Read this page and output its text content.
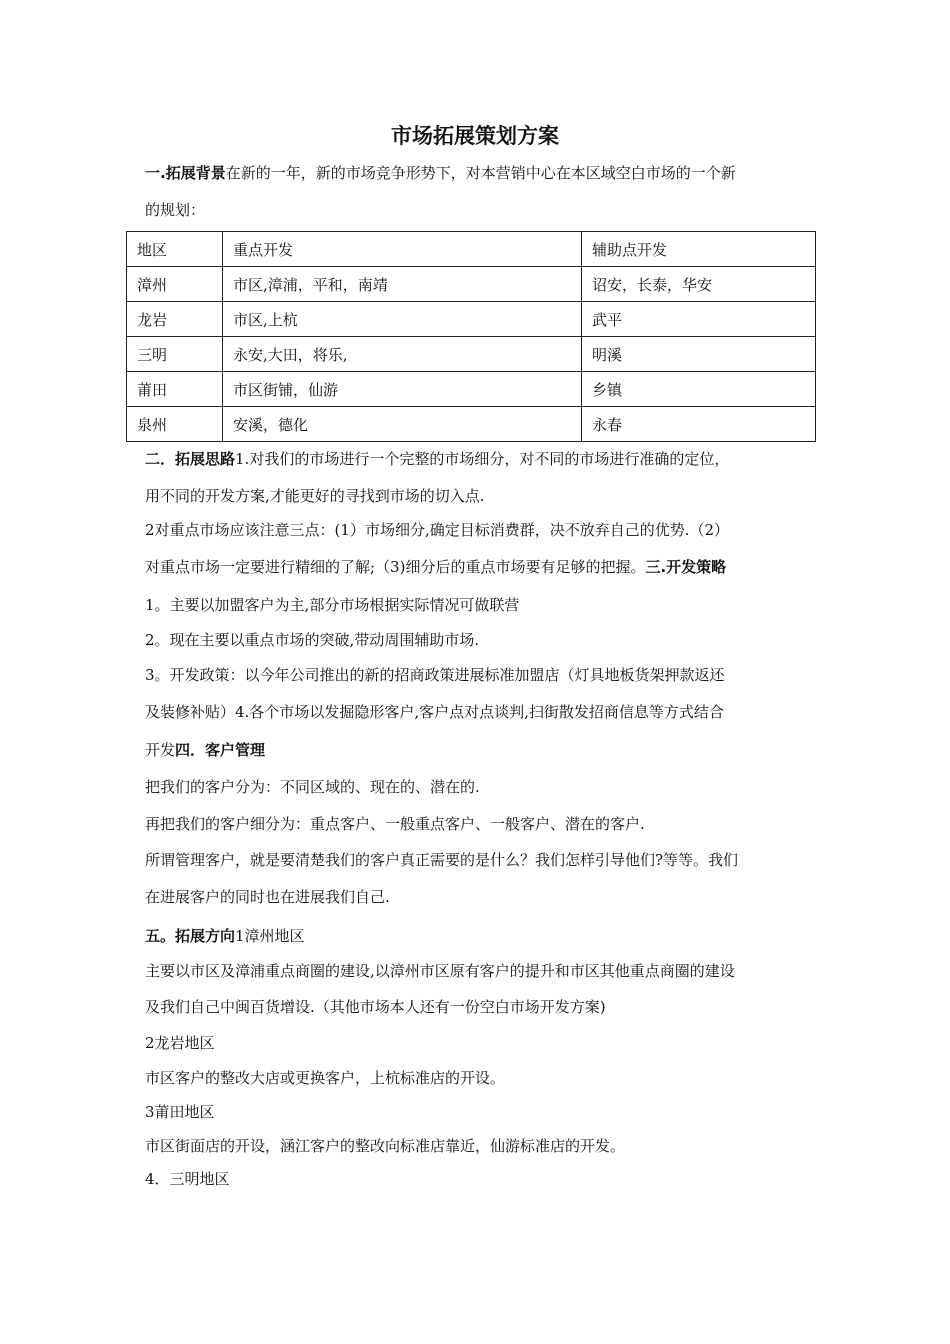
市场拓展策划方案
一.拓展背景在新的一年，新的市场竞争形势下，对本营销中心在本区域空白市场的一个新
的规划：
地区	重点开发	辅助点开发
漳州	市区,漳浦，平和，南靖	诏安，长泰，华安
龙岩	市区,上杭	武平
三明	永安,大田，将乐,	明溪
莆田	市区街铺，仙游	乡镇
泉州	安溪，德化	永春
二．拓展思路1.对我们的市场进行一个完整的市场细分，对不同的市场进行准确的定位，
用不同的开发方案,才能更好的寻找到市场的切入点.
2对重点市场应该注意三点：(1）市场细分,确定目标消费群，决不放弃自己的优势.（2）
对重点市场一定要进行精细的了解;（3)细分后的重点市场要有足够的把握。三.开发策略
1。主要以加盟客户为主,部分市场根据实际情况可做联营
2。现在主要以重点市场的突破,带动周围辅助市场.
3。开发政策：以今年公司推出的新的招商政策进展标准加盟店（灯具地板货架押款返还
及装修补贴）4.各个市场以发掘隐形客户,客户点对点谈判,扫街散发招商信息等方式结合
开发四．客户管理
把我们的客户分为：不同区域的、现在的、潜在的.
再把我们的客户细分为：重点客户、一般重点客户、一般客户、潜在的客户.
所谓管理客户，就是要清楚我们的客户真正需要的是什么？我们怎样引导他们?等等。我们
在进展客户的同时也在进展我们自己.
五。拓展方向1漳州地区
主要以市区及漳浦重点商圈的建设,以漳州市区原有客户的提升和市区其他重点商圈的建设
及我们自己中闽百货增设.（其他市场本人还有一份空白市场开发方案)
2龙岩地区
市区客户的整改大店或更换客户，上杭标准店的开设。
3莆田地区
市区街面店的开设，涵江客户的整改向标准店靠近，仙游标准店的开发。
4．三明地区
